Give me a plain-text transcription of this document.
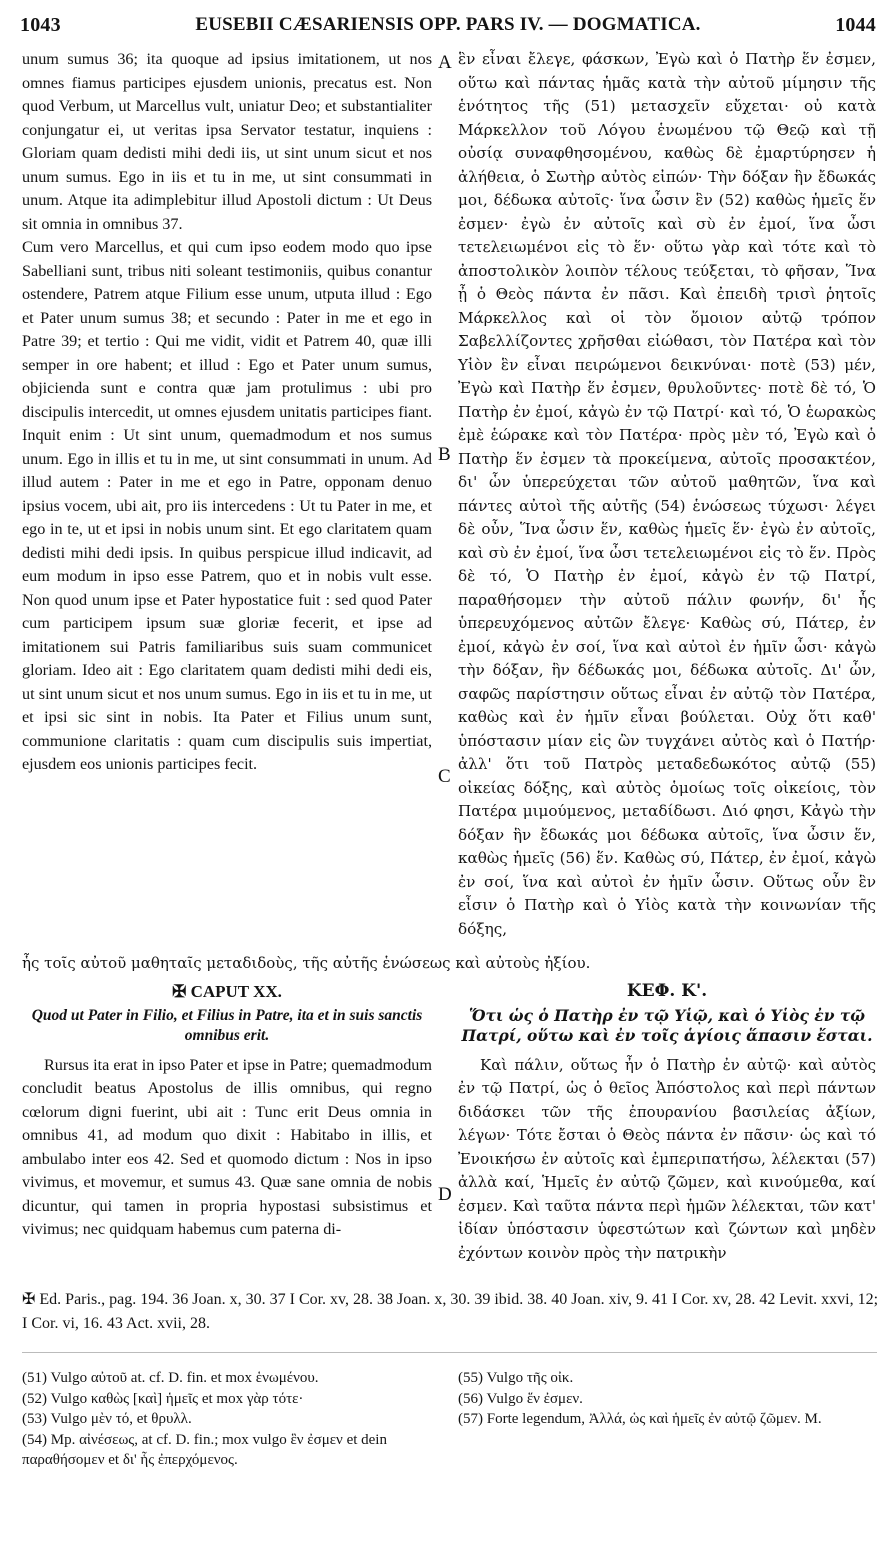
1043	EUSEBII CÆSARIENSIS OPP. PARS IV. — DOGMATICA.	1044

unum sumus 36; ita quoque ad ipsius imitationem, ut nos omnes fiamus participes ejusdem unionis, precatus est. Non quod Verbum, ut Marcellus vult, uniatur Deo; et substantialiter conjungatur ei, ut veritas ipsa Servator testatur, inquiens : Gloriam quam dedisti mihi dedi iis, ut sint unum sicut et nos unum sumus. Ego in iis et tu in me, ut sint consummati in unum. Atque ita adimplebitur illud Apostoli dictum : Ut Deus sit omnia in omnibus 37.

Cum vero Marcellus, et qui cum ipso eodem modo quo ipse Sabelliani sunt, tribus niti soleant testimoniis, quibus conantur ostendere, Patrem atque Filium esse unum, utputa illud : Ego et Pater unum sumus 38; et secundo : Pater in me et ego in Patre 39; et tertio : Qui me vidit, vidit et Patrem 40, quæ illi semper in ore habent; et illud : Ego et Pater unum sumus, objicienda sunt e contra quæ jam protulimus : ubi pro discipulis intercedit, ut omnes ejusdem unitatis participes fiant. Inquit enim : Ut sint unum, quemadmodum et nos sumus unum. Ego in illis et tu in me, ut sint consummati in unum. Ad illud autem : Pater in me et ego in Patre, opponam denuo ipsius vocem, ubi ait, pro iis intercedens : Ut tu Pater in me, et ego in te, ut et ipsi in nobis unum sint. Et ego claritatem quam dedisti mihi dedi ipsis. In quibus perspicue illud indicavit, ad eum modum in ipso esse Patrem, quo et in nobis vult esse. Non quod unum ipse et Pater hypostatice fuit : sed quod Pater cum participem ipsum suæ gloriæ fecerit, et ipse ad imitationem sui Patris familiaribus suis suam communicet gloriam. Ideo ait : Ego claritatem quam dedisti mihi dedi eis, ut sint unum sicut et nos unum sumus. Ego in iis et tu in me, ut et ipsi sic sint in nobis. Ita Pater et Filius unum sunt, communione claritatis : quam cum discipulis suis impertiat, ejusdem eos unionis participes fecit.

ἓν εἶναι ἔλεγε, φάσκων, Ἐγὼ καὶ ὁ Πατὴρ ἕν ἐσμεν, οὕτω καὶ πάντας ἡμᾶς κατὰ τὴν αὐτοῦ μίμησιν τῆς ἑνότητος τῆς (51) μετασχεῖν εὔχεται· οὐ κατὰ Μάρκελλον τοῦ Λόγου ἑνωμένου τῷ Θεῷ καὶ τῇ οὐσίᾳ συναφθησομένου, καθὼς δὲ ἐμαρτύρησεν ἡ ἀλήθεια, ὁ Σωτὴρ αὐτὸς εἰπών· Τὴν δόξαν ἣν ἔδωκάς μοι, δέδωκα αὐτοῖς· ἵνα ὦσιν ἓν (52) καθὼς ἡμεῖς ἕν ἐσμεν· ἐγὼ ἐν αὐτοῖς καὶ σὺ ἐν ἐμοί, ἵνα ὦσι τετελειωμένοι εἰς τὸ ἕν· οὕτω γὰρ καὶ τότε καὶ τὸ ἀποστολικὸν λοιπὸν τέλους τεύξεται, τὸ φῆσαν, Ἵνα ᾖ ὁ Θεὸς πάντα ἐν πᾶσι. Καὶ ἐπειδὴ τρισὶ ῥητοῖς Μάρκελλος καὶ οἱ τὸν ὅμοιον αὐτῷ τρόπον Σαβελλίζοντες χρῆσθαι εἰώθασι, τὸν Πατέρα καὶ τὸν Υἱὸν ἓν εἶναι πειρώμενοι δεικνύναι· ποτὲ (53) μέν, Ἐγὼ καὶ Πατὴρ ἕν ἐσμεν, θρυλοῦντες· ποτὲ δὲ τό, Ὁ Πατὴρ ἐν ἐμοί, κἀγὼ ἐν τῷ Πατρί· καὶ τό, Ὁ ἑωρακὼς ἐμὲ ἑώρακε καὶ τὸν Πατέρα· πρὸς μὲν τό, Ἐγὼ καὶ ὁ Πατὴρ ἕν ἐσμεν τὰ προκείμενα, αὐτοῖς προσακτέον, δι' ὧν ὑπερεύχεται τῶν αὐτοῦ μαθητῶν, ἵνα καὶ πάντες αὐτοὶ τῆς αὐτῆς (54) ἑνώσεως τύχωσι· λέγει δὲ οὖν, Ἵνα ὦσιν ἕν, καθὼς ἡμεῖς ἕν· ἐγὼ ἐν αὐτοῖς, καὶ σὺ ἐν ἐμοί, ἵνα ὦσι τετελειωμένοι εἰς τὸ ἕν. Πρὸς δὲ τό, Ὁ Πατὴρ ἐν ἐμοί, κἀγὼ ἐν τῷ Πατρί, παραθήσομεν τὴν αὐτοῦ πάλιν φωνήν, δι' ἧς ὑπερευχόμενος αὐτῶν ἔλεγε· Καθὼς σύ, Πάτερ, ἐν ἐμοί, κἀγὼ ἐν σοί, ἵνα καὶ αὐτοὶ ἐν ἡμῖν ὦσι· κἀγὼ τὴν δόξαν, ἣν δέδωκάς μοι, δέδωκα αὐτοῖς. Δι' ὧν, σαφῶς παρίστησιν οὕτως εἶναι ἐν αὐτῷ τὸν Πατέρα, καθὼς καὶ ἐν ἡμῖν εἶναι βούλεται. Οὐχ ὅτι καθ' ὑπόστασιν μίαν εἰς ὢν τυγχάνει αὐτὸς καὶ ὁ Πατήρ· ἀλλ' ὅτι τοῦ Πατρὸς μεταδεδωκότος αὐτῷ (55) οἰκείας δόξης, καὶ αὐτὸς ὁμοίως τοῖς οἰκείοις, τὸν Πατέρα μιμούμενος, μεταδίδωσι. Διό φησι, Κἀγὼ τὴν δόξαν ἣν ἔδωκάς μοι δέδωκα αὐτοῖς, ἵνα ὦσιν ἕν, καθὼς ἡμεῖς (56) ἕν. Καθὼς σύ, Πάτερ, ἐν ἐμοί, κἀγὼ ἐν σοί, ἵνα καὶ αὐτοὶ ἐν ἡμῖν ὦσιν. Οὕτως οὖν ἓν εἶσιν ὁ Πατὴρ καὶ ὁ Υἱὸς κατὰ τὴν κοινωνίαν τῆς δόξης,

A
B
C
D
ἧς τοῖς αὐτοῦ μαθηταῖς μεταδιδοὺς, τῆς αὐτῆς ἑνώσεως καὶ αὐτοὺς ἠξίου.
✠ CAPUT XX.
Quod ut Pater in Filio, et Filius in Patre, ita et in suis sanctis omnibus erit.

Rursus ita erat in ipso Pater et ipse in Patre; quemadmodum concludit beatus Apostolus de illis omnibus, qui regno cœlorum digni fuerint, ubi ait : Tunc erit Deus omnia in omnibus 41, ad modum quo dixit : Habitabo in illis, et ambulabo inter eos 42. Sed et quomodo dictum : Nos in ipso vivimus, et movemur, et sumus 43. Quæ sane omnia de nobis dicuntur, qui tamen in propria hypostasi subsistimus et vivimus; nec quidquam habemus cum paterna di-

ΚΕΦ. Κ'.
Ὅτι ὡς ὁ Πατὴρ ἐν τῷ Υἱῷ, καὶ ὁ Υἱὸς ἐν τῷ Πατρί, οὕτω καὶ ἐν τοῖς ἁγίοις ἅπασιν ἔσται.

Καὶ πάλιν, οὕτως ἦν ὁ Πατὴρ ἐν αὐτῷ· καὶ αὐτὸς ἐν τῷ Πατρί, ὡς ὁ θεῖος Ἀπόστολος καὶ περὶ πάντων διδάσκει τῶν τῆς ἐπουρανίου βασιλείας ἀξίων, λέγων· Τότε ἔσται ὁ Θεὸς πάντα ἐν πᾶσιν· ὡς καὶ τό Ἐνοικήσω ἐν αὐτοῖς καὶ ἐμπεριπατήσω, λέλεκται (57) ἀλλὰ καί, Ἡμεῖς ἐν αὐτῷ ζῶμεν, καὶ κινούμεθα, καί ἐσμεν. Καὶ ταῦτα πάντα περὶ ἡμῶν λέλεκται, τῶν κατ' ἰδίαν ὑπόστασιν ὑφεστώτων καὶ ζώντων καὶ μηδὲν ἐχόντων κοινὸν πρὸς τὴν πατρικὴν

✠ Ed. Paris., pag. 194. 36 Joan. x, 30. 37 I Cor. xv, 28. 38 Joan. x, 30. 39 ibid. 38. 40 Joan. xiv, 9. 41 I Cor. xv, 28. 42 Levit. xxvi, 12; I Cor. vi, 16. 43 Act. xvii, 28.
(51) Vulgo αὐτοῦ at. cf. D. fin. et mox ἑνωμένου.
(52) Vulgo καθὼς [καὶ] ἡμεῖς et mox γὰρ τότε·
(53) Vulgo μὲν τό, et θρυλλ.
(54) Mp. αἰνέσεως, at cf. D. fin.; mox vulgo ἓν ἐσμεν et dein παραθήσομεν et δι' ἧς ἐπερχόμενος.
(55) Vulgo τῆς οἰκ.
(56) Vulgo ἕν ἐσμεν.
(57) Forte legendum, Ἀλλά, ὡς καὶ ἡμεῖς ἐν αὐτῷ ζῶμεν. M.
